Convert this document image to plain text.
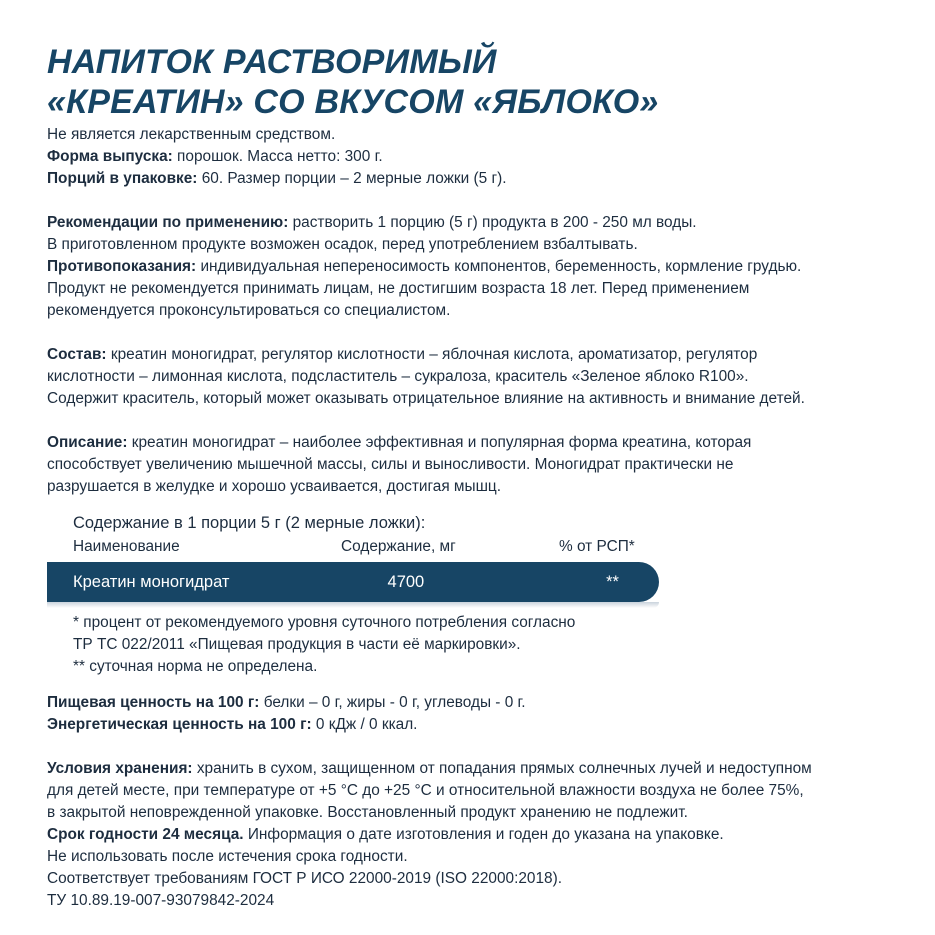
НАПИТОК РАСТВОРИМЫЙ
«КРЕАТИН» СО ВКУСОМ «ЯБЛОКО»

Не является лекарственным средством.

Форма выпуска: порошок. Масса нетто: 300 г.

Порций в упаковке: 60. Размер порции – 2 мерные ложки (5 г).

Рекомендации по применению: растворить 1 порцию (5 г) продукта в 200 - 250 мл воды.

В приготовленном продукте возможен осадок, перед употреблением взбалтывать.

Противопоказания: индивидуальная непереносимость компонентов, беременность, кормление грудью.

Продукт не рекомендуется принимать лицам, не достигшим возраста 18 лет. Перед применением

рекомендуется проконсультироваться со специалистом.

Состав: креатин моногидрат, регулятор кислотности – яблочная кислота, ароматизатор, регулятор

кислотности – лимонная кислота, подсластитель – сукралоза, краситель «Зеленое яблоко R100».

Содержит краситель, который может оказывать отрицательное влияние на активность и внимание детей.

Описание: креатин моногидрат – наиболее эффективная и популярная форма креатина, которая

способствует увеличению мышечной массы, силы и выносливости. Моногидрат практически не

разрушается в желудке и хорошо усваивается, достигая мышц.

Содержание в 1 порции 5 г (2 мерные ложки):

Наименование	Содержание, мг	% от РСП*
Креатин моногидрат	4700	**

* процент от рекомендуемого уровня суточного потребления согласно

ТР ТС 022/2011 «Пищевая продукция в части её маркировки».

** суточная норма не определена.

Пищевая ценность на 100 г: белки – 0 г, жиры - 0 г, углеводы - 0 г.

Энергетическая ценность на 100 г: 0 кДж / 0 ккал.

Условия хранения: хранить в сухом, защищенном от попадания прямых солнечных лучей и недоступном

для детей месте, при температуре от +5 °С до +25 °С и относительной влажности воздуха не более 75%,

в закрытой неповрежденной упаковке. Восстановленный продукт хранению не подлежит.

Срок годности 24 месяца. Информация о дате изготовления и годен до указана на упаковке.

Не использовать после истечения срока годности.

Соответствует требованиям ГОСТ Р ИСО 22000-2019 (ISO 22000:2018).

ТУ 10.89.19-007-93079842-2024
